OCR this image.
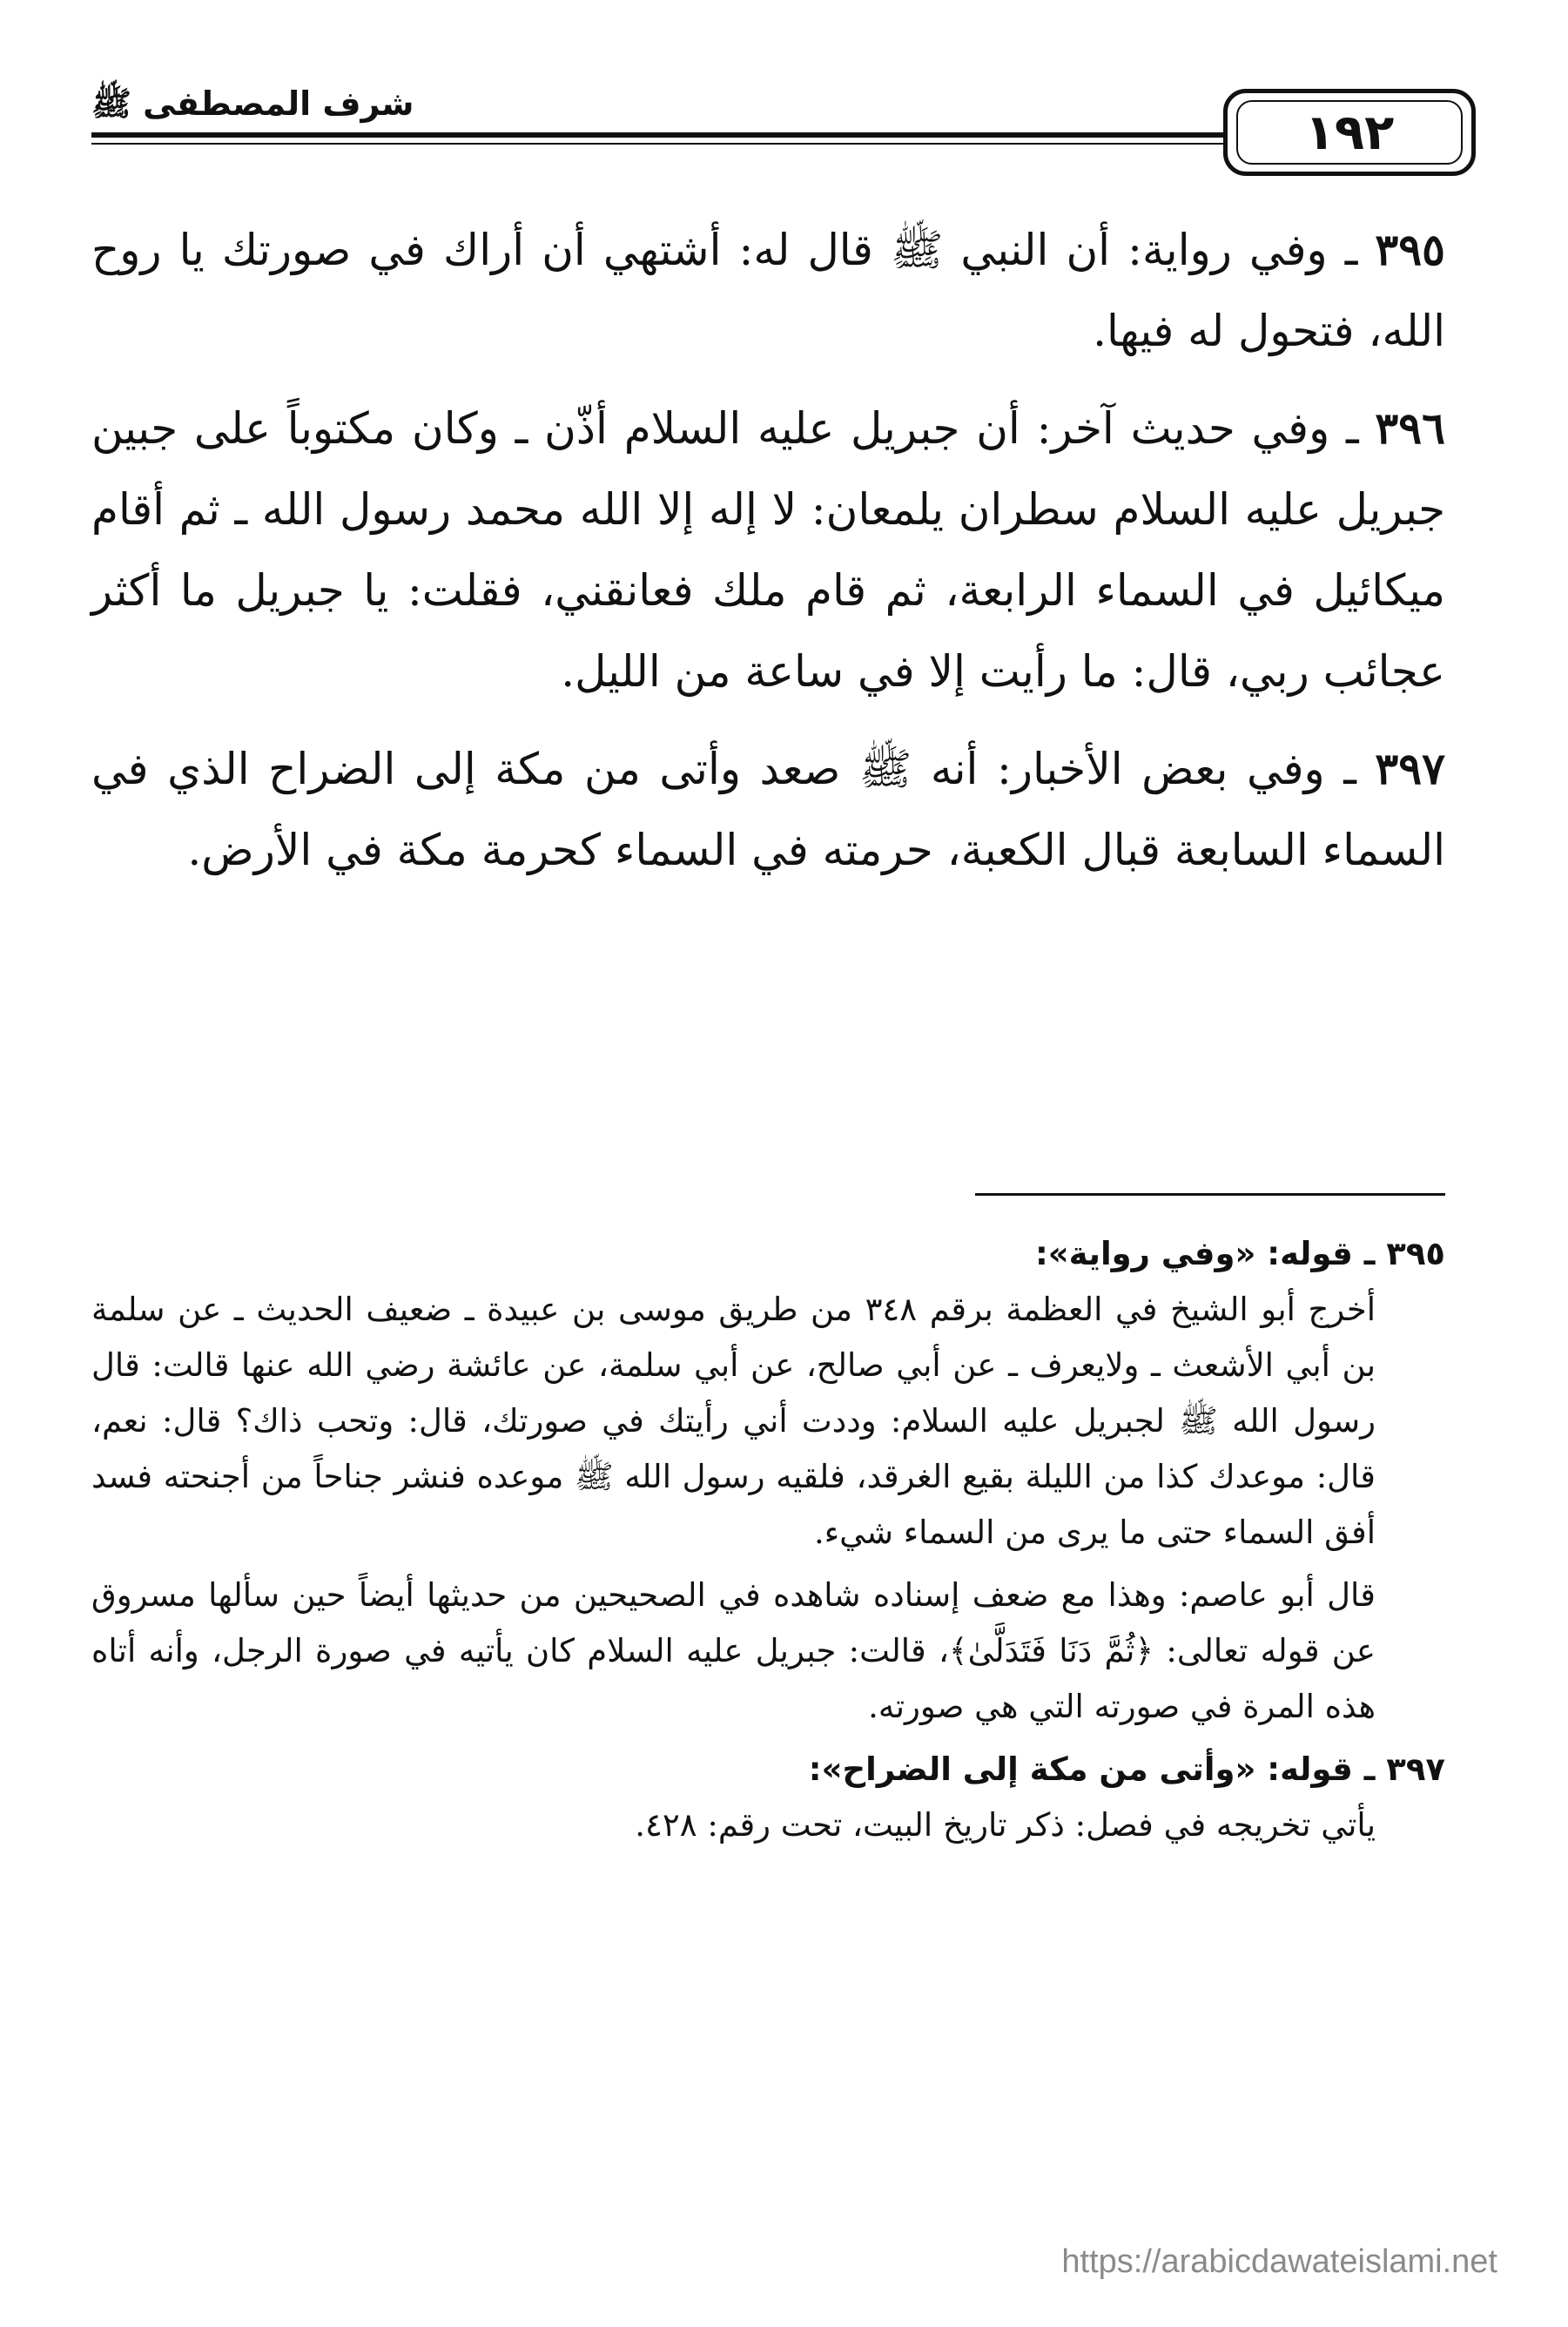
شرف المصطفى ﷺ
١٩٢

٣٩٥ ـ وفي رواية: أن النبي ﷺ قال له: أشتهي أن أراك في صورتك يا روح الله، فتحول له فيها.

٣٩٦ ـ وفي حديث آخر: أن جبريل عليه السلام أذّن ـ وكان مكتوباً على جبين جبريل عليه السلام سطران يلمعان: لا إله إلا الله محمد رسول الله ـ ثم أقام ميكائيل في السماء الرابعة، ثم قام ملك فعانقني، فقلت: يا جبريل ما أكثر عجائب ربي، قال: ما رأيت إلا في ساعة من الليل.

٣٩٧ ـ وفي بعض الأخبار: أنه ﷺ صعد وأتى من مكة إلى الضراح الذي في السماء السابعة قبال الكعبة، حرمته في السماء كحرمة مكة في الأرض.

٣٩٥ ـ قوله: «وفي رواية»:

أخرج أبو الشيخ في العظمة برقم ٣٤٨ من طريق موسى بن عبيدة ـ ضعيف الحديث ـ عن سلمة بن أبي الأشعث ـ ولايعرف ـ عن أبي صالح، عن أبي سلمة، عن عائشة رضي الله عنها قالت: قال رسول الله ﷺ لجبريل عليه السلام: وددت أني رأيتك في صورتك، قال: وتحب ذاك؟ قال: نعم، قال: موعدك كذا من الليلة بقيع الغرقد، فلقيه رسول الله ﷺ موعده فنشر جناحاً من أجنحته فسد أفق السماء حتى ما يرى من السماء شيء.

قال أبو عاصم: وهذا مع ضعف إسناده شاهده في الصحيحين من حديثها أيضاً حين سألها مسروق عن قوله تعالى: ﴿ثُمَّ دَنَا فَتَدَلَّىٰ﴾، قالت: جبريل عليه السلام كان يأتيه في صورة الرجل، وأنه أتاه هذه المرة في صورته التي هي صورته.

٣٩٧ ـ قوله: «وأتى من مكة إلى الضراح»:

يأتي تخريجه في فصل: ذكر تاريخ البيت، تحت رقم: ٤٢٨.

https://arabicdawateislami.net
